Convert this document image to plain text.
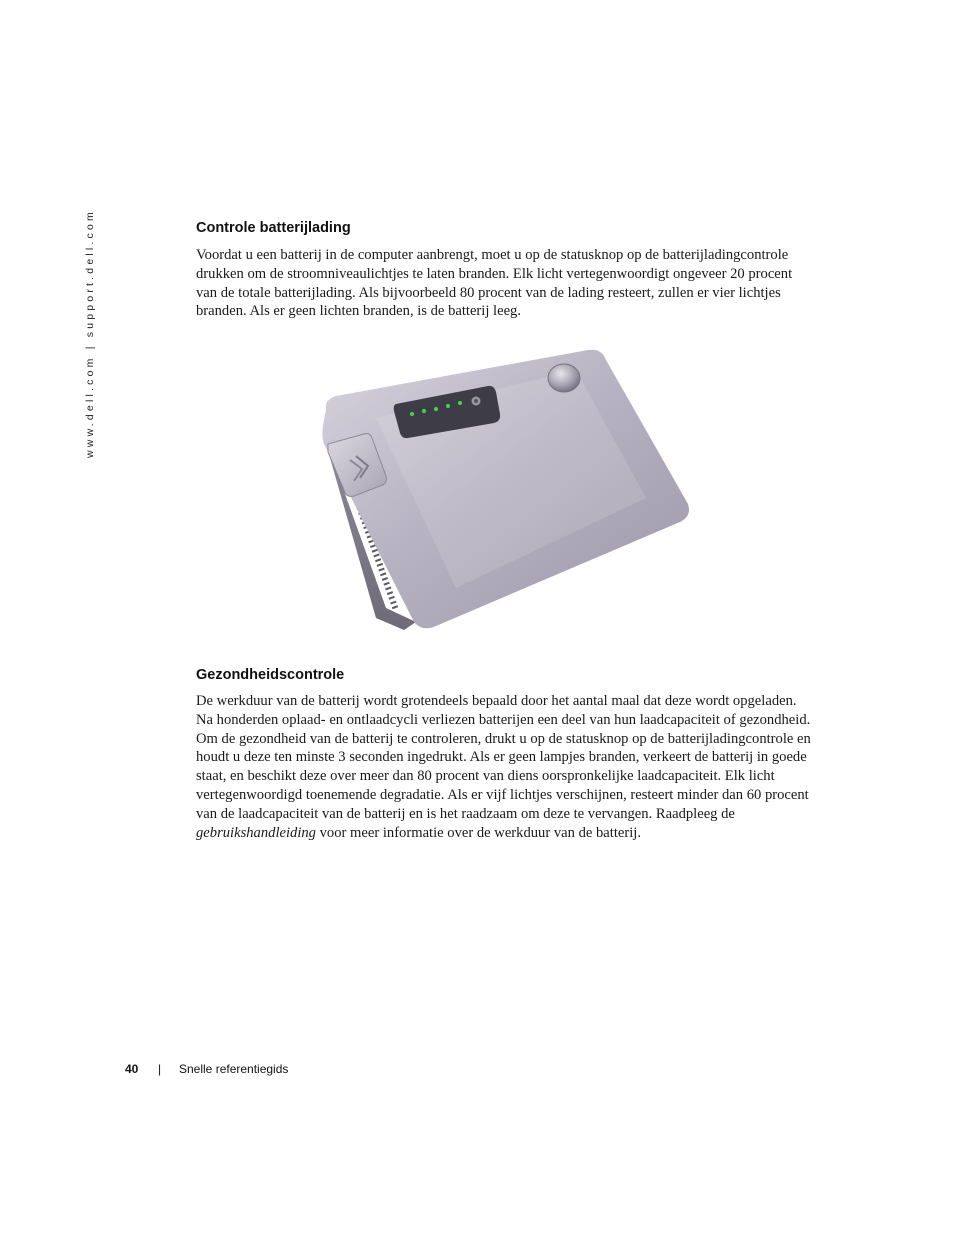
www.dell.com | support.dell.com	Controle batterijlading

Voordat u een batterij in de computer aanbrengt, moet u op de statusknop op de batterijladingcontrole drukken om de stroomniveaulichtjes te laten branden. Elk licht vertegenwoordigt ongeveer 20 procent van de totale batterijlading. Als bijvoorbeeld 80 procent van de lading resteert, zullen er vier lichtjes branden. Als er geen lichten branden, is de batterij leeg.

Gezondheidscontrole

De werkduur van de batterij wordt grotendeels bepaald door het aantal maal dat deze wordt opgeladen. Na honderden oplaad- en ontlaadcycli verliezen batterijen een deel van hun laadcapaciteit of gezondheid. Om de gezondheid van de batterij te controleren, drukt u op de statusknop op de batterijladingcontrole en houdt u deze ten minste 3 seconden ingedrukt. Als er geen lampjes branden, verkeert de batterij in goede staat, en beschikt deze over meer dan 80 procent van diens oorspronkelijke laadcapaciteit. Elk licht vertegenwoordigd toenemende degradatie. Als er vijf lichtjes verschijnen, resteert minder dan 60 procent van de laadcapaciteit van de batterij en is het raadzaam om deze te vervangen. Raadpleeg de gebruikshandleiding voor meer informatie over de werkduur van de batterij.

40 | Snelle referentiegids
